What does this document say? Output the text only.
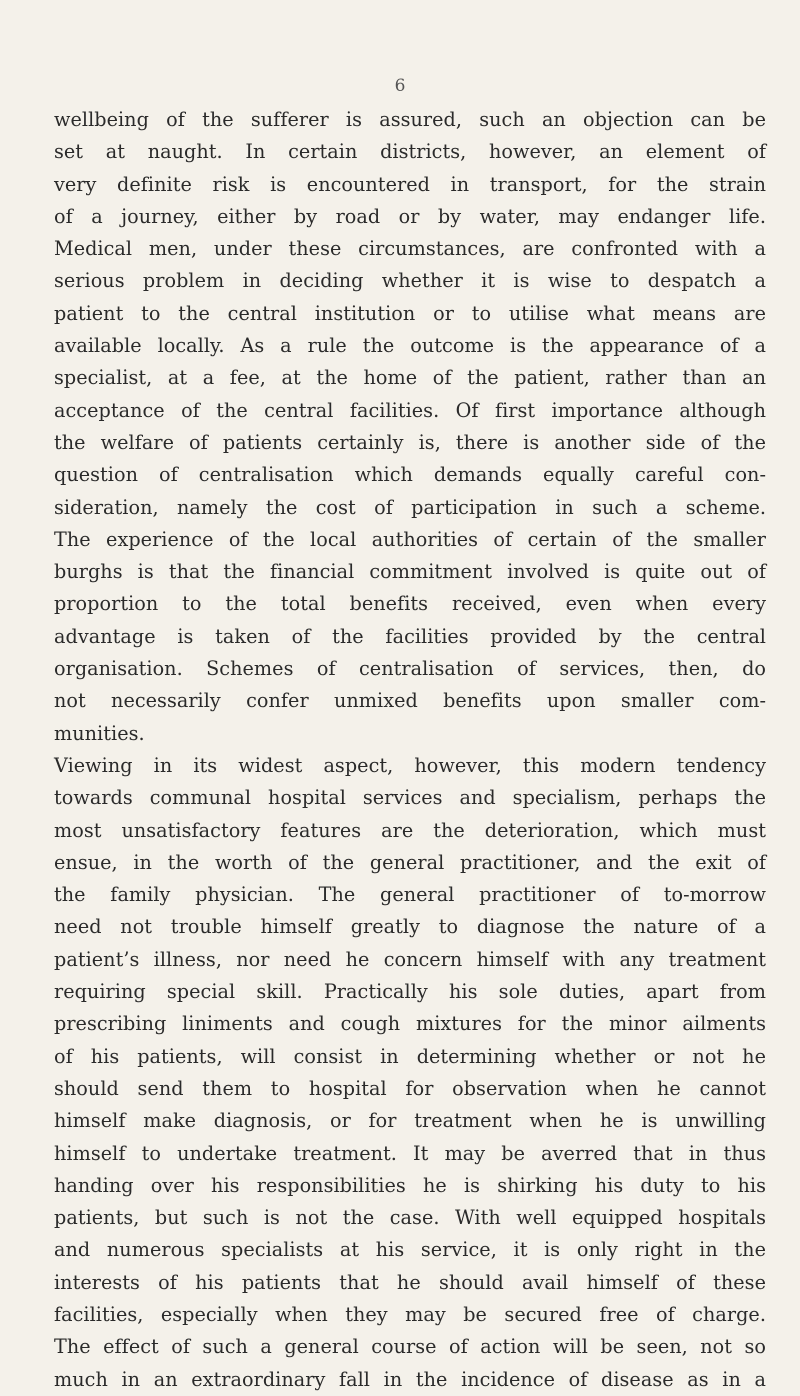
6
wellbeing of the sufferer is assured, such an objection can be
set at naught. In certain districts, however, an element of
very definite risk is encountered in transport, for the strain
of a journey, either by road or by water, may endanger life.
Medical men, under these circumstances, are confronted with a
serious problem in deciding whether it is wise to despatch a
patient to the central institution or to utilise what means are
available locally. As a rule the outcome is the appearance of a
specialist, at a fee, at the home of the patient, rather than an
acceptance of the central facilities. Of first importance although
the welfare of patients certainly is, there is another side of the
question of centralisation which demands equally careful con-
sideration, namely the cost of participation in such a scheme.
The experience of the local authorities of certain of the smaller
burghs is that the financial commitment involved is quite out of
proportion to the total benefits received, even when every
advantage is taken of the facilities provided by the central
organisation. Schemes of centralisation of services, then, do
not necessarily confer unmixed benefits upon smaller com-
munities.
Viewing in its widest aspect, however, this modern tendency
towards communal hospital services and specialism, perhaps the
most unsatisfactory features are the deterioration, which must
ensue, in the worth of the general practitioner, and the exit of
the family physician. The general practitioner of to-morrow
need not trouble himself greatly to diagnose the nature of a
patient’s illness, nor need he concern himself with any treatment
requiring special skill. Practically his sole duties, apart from
prescribing liniments and cough mixtures for the minor ailments
of his patients, will consist in determining whether or not he
should send them to hospital for observation when he cannot
himself make diagnosis, or for treatment when he is unwilling
himself to undertake treatment. It may be averred that in thus
handing over his responsibilities he is shirking his duty to his
patients, but such is not the case. With well equipped hospitals
and numerous specialists at his service, it is only right in the
interests of his patients that he should avail himself of these
facilities, especially when they may be secured free of charge.
The effect of such a general course of action will be seen, not so
much in an extraordinary fall in the incidence of disease as in a
